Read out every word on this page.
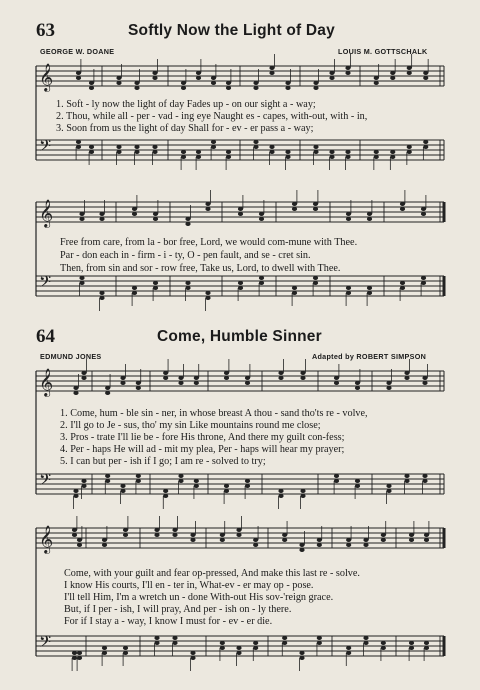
63	Softly Now the Light of Day
GEORGE W. DOANE	LOUIS M. GOTTSCHALK
1. Soft - ly now the light of day Fades up - on our sight a - way;
2. Thou, while all - per - vad - ing eye Naught es - capes, with-out, with - in,
3. Soon from us the light of day Shall for - ev - er pass a - way;
Free from care, from la - bor free, Lord, we would com-mune with Thee.
Par - don each in - firm - i - ty, O - pen fault, and se - cret sin.
Then, from sin and sor - row free, Take us, Lord, to dwell with Thee.
64	Come, Humble Sinner
EDMUND JONES	Adapted by ROBERT SIMPSON
1. Come, hum - ble sin - ner, in whose breast A thou - sand tho'ts re - volve,
2. I'll go to Je - sus, tho' my sin Like mountains round me close;
3. Pros - trate I'll lie be - fore His throne, And there my guilt con-fess;
4. Per - haps He will ad - mit my plea, Per - haps will hear my prayer;
5. I can but per - ish if I go; I am re - solved to try;
Come, with your guilt and fear op-pressed, And make this last re - solve.
I know His courts, I'll en - ter in, What-ev - er may op - pose.
I'll tell Him, I'm a wretch un - done With-out His sov-'reign grace.
But, if I per - ish, I will pray, And per - ish on - ly there.
For if I stay a - way, I know I must for - ev - er die.
𝄞
𝄢
𝄞
𝄢
𝄞
𝄢
𝄞
𝄢
